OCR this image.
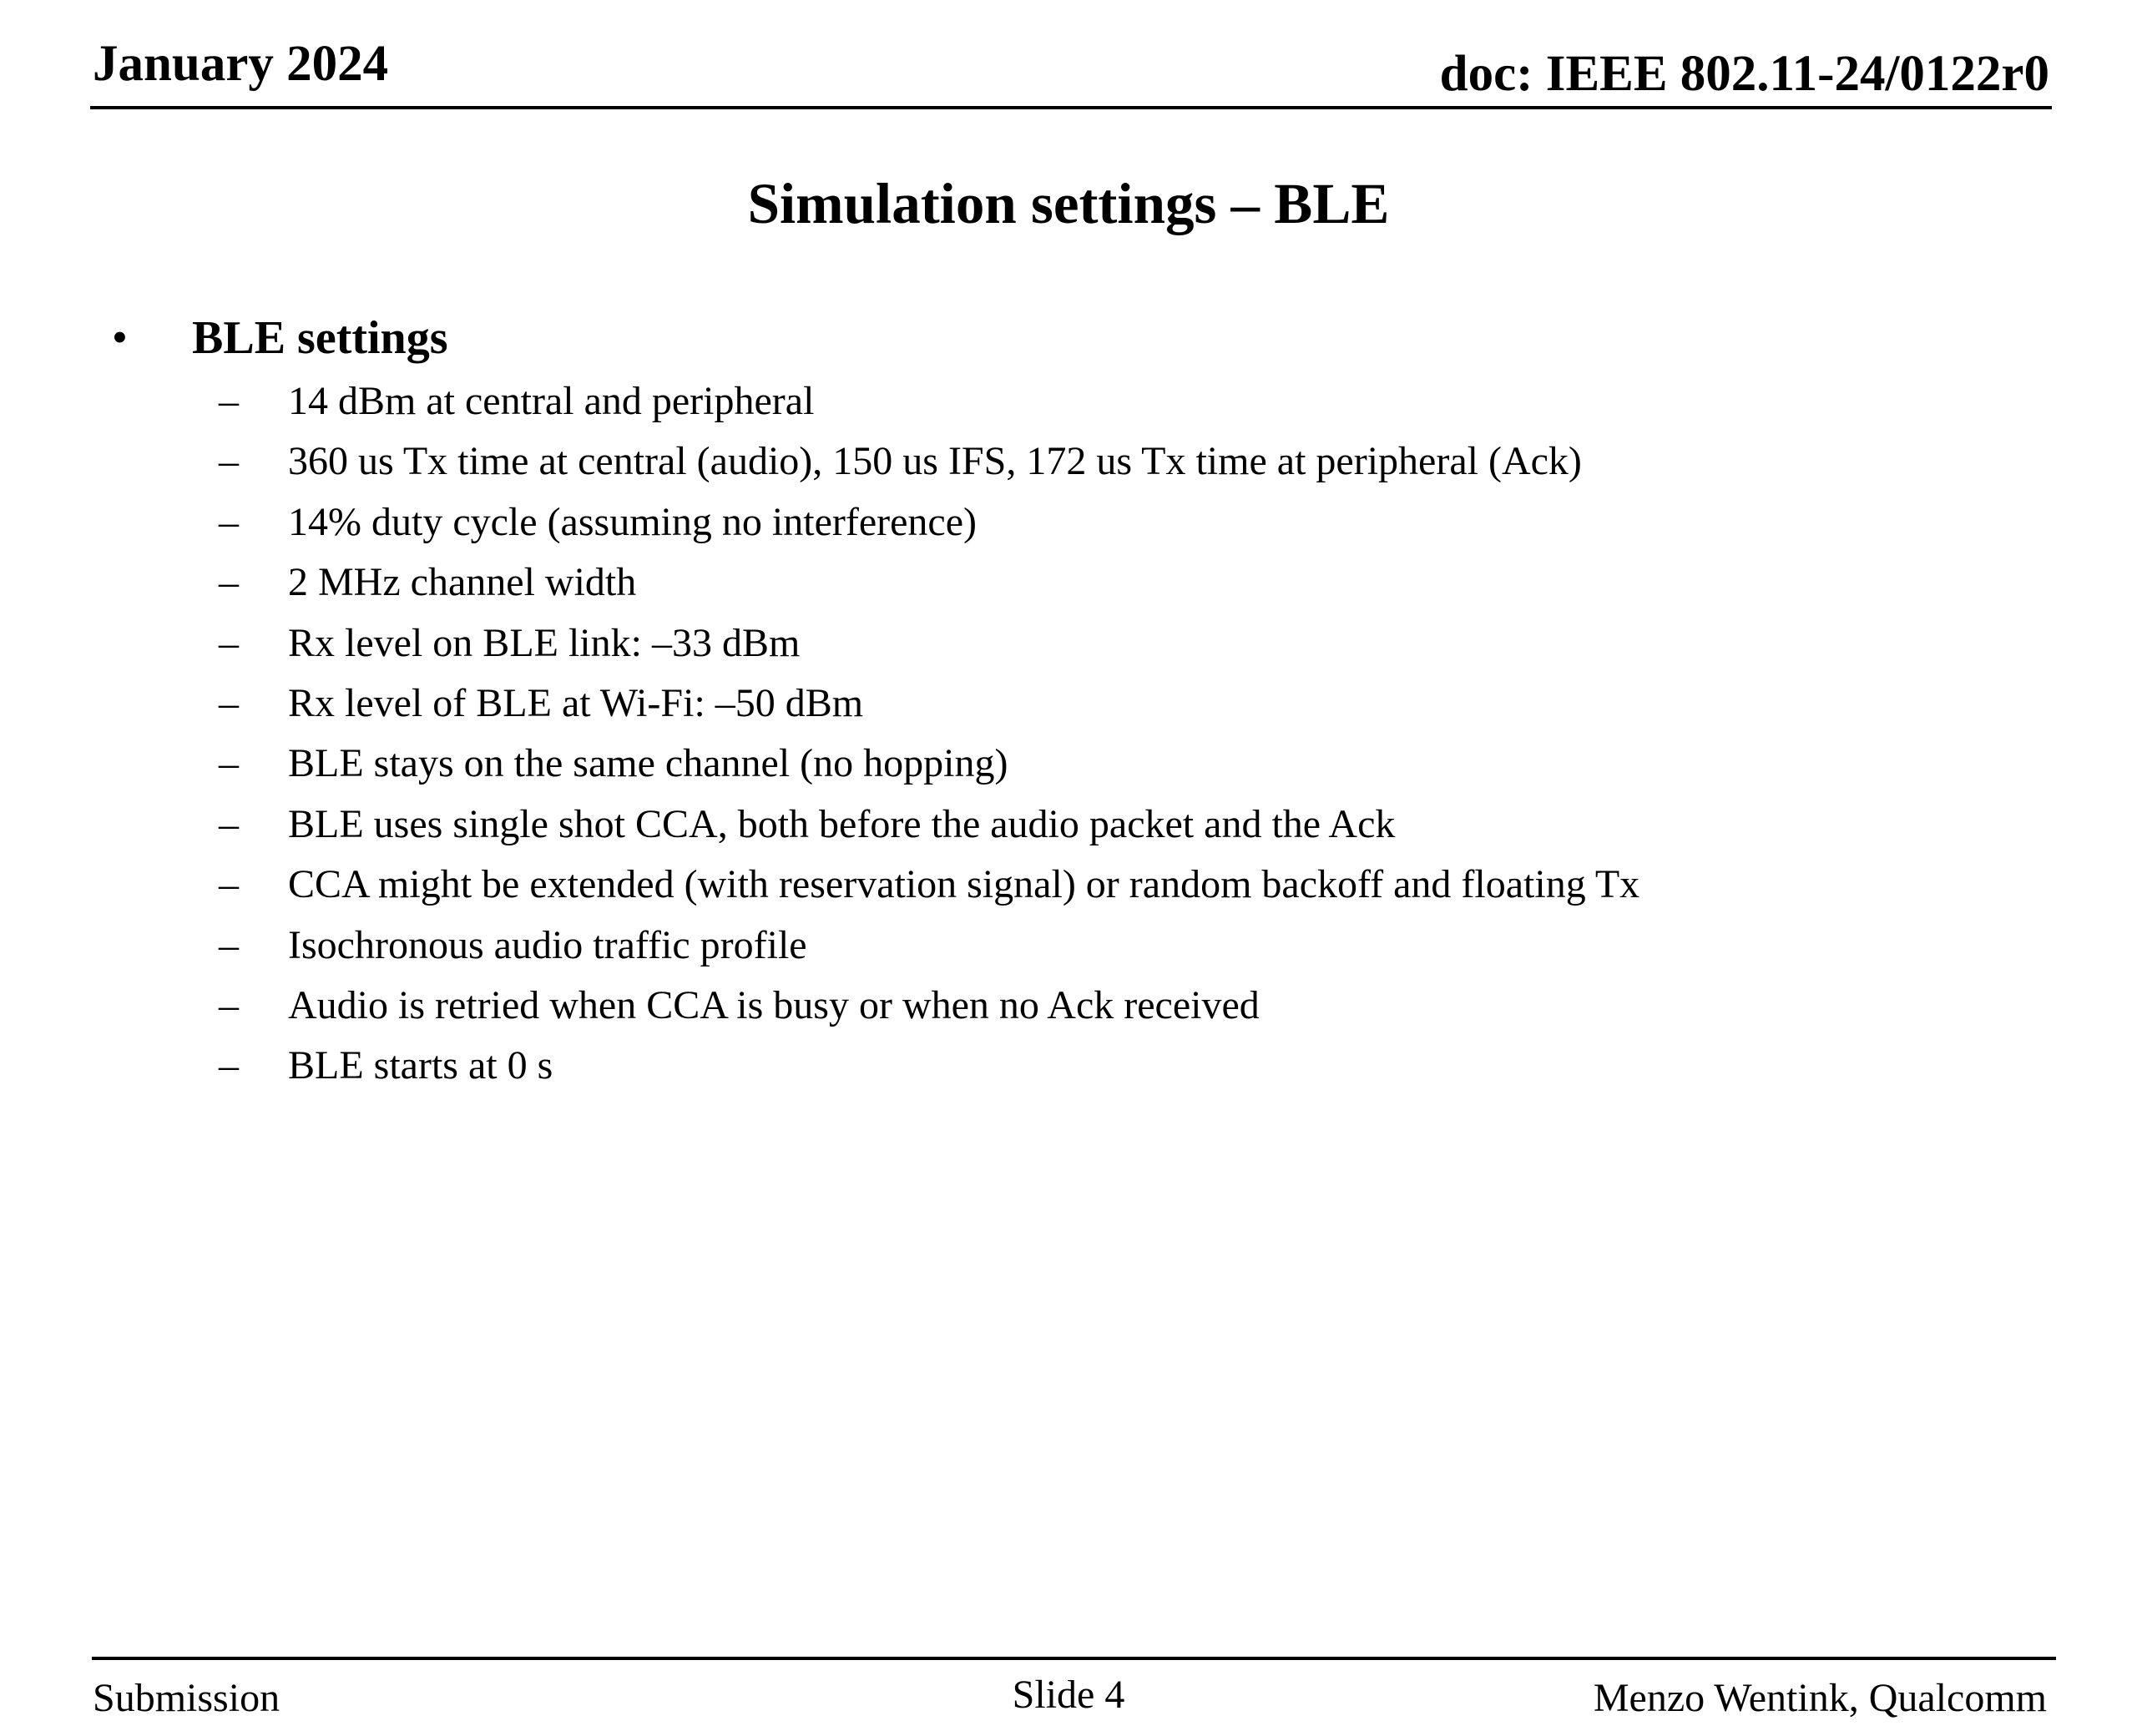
January 2024	doc: IEEE 802.11-24/0122r0
Simulation settings – BLE
• BLE settings
– 14 dBm at central and peripheral
– 360 us Tx time at central (audio), 150 us IFS, 172 us Tx time at peripheral (Ack)
– 14% duty cycle (assuming no interference)
– 2 MHz channel width
– Rx level on BLE link: –33 dBm
– Rx level of BLE at Wi-Fi: –50 dBm
– BLE stays on the same channel (no hopping)
– BLE uses single shot CCA, both before the audio packet and the Ack
– CCA might be extended (with reservation signal) or random backoff and floating Tx
– Isochronous audio traffic profile
– Audio is retried when CCA is busy or when no Ack received
– BLE starts at 0 s
Submission	Slide 4	Menzo Wentink, Qualcomm
